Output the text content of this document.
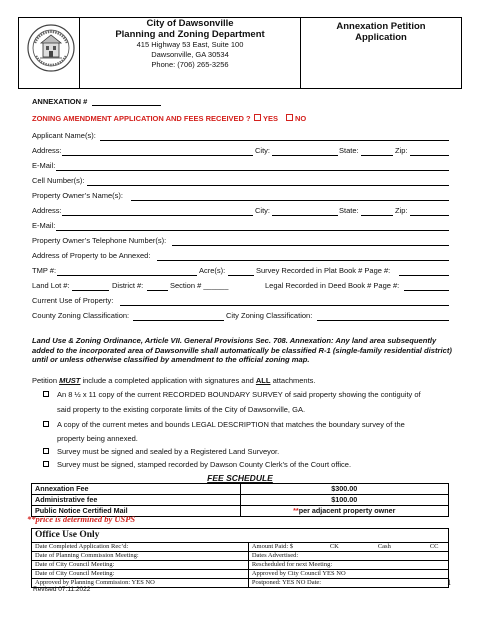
City of Dawsonville
Planning and Zoning Department
415 Highway 53 East, Suite 100
Dawsonville, GA 30534
Phone: (706) 265-3256
Annexation Petition
Application
ANNEXATION #
ZONING AMENDMENT APPLICATION AND FEES RECEIVED ?	YES	NO
Applicant Name(s):
Address:	City:	State:	Zip:
E-Mail:
Cell Number(s):
Property Owner’s Name(s):
Address:	City:	State:	Zip:
E-Mail:
Property Owner’s Telephone Number(s):
Address of Property to be Annexed:
TMP #:	Acre(s):	Survey Recorded in Plat Book # Page #:
Land Lot #:	District #:	Section # ______	Legal Recorded in Deed Book # Page #:
Current Use of Property:
County Zoning Classification:	City Zoning Classification:
Land Use & Zoning Ordinance, Article VII. General Provisions Sec. 708. Annexation: Any land area subsequently added to the incorporated area of Dawsonville shall automatically be classified R-1 (single-family residential district) until or unless otherwise classified by amendment to the official zoning map.
Petition MUST include a completed application with signatures and ALL attachments.
An 8 ½ x 11 copy of the current RECORDED BOUNDARY SURVEY of said property showing the contiguity of
said property to the existing corporate limits of the City of Dawsonville, GA.
A copy of the current metes and bounds LEGAL DESCRIPTION that matches the boundary survey of the
property being annexed.
Survey must be signed and sealed by a Registered Land Surveyor.
Survey must be signed, stamped recorded by Dawson County Clerk’s of the Court office.
FEE SCHEDULE
Annexation Fee	$300.00
Administrative fee	$100.00
Public Notice Certified Mail	**per adjacent property owner
**price is determined by USPS
Office Use Only	
Date Completed Application Rec’d:	Amount Paid: $ CK Cash CC
Date of Planning Commission Meeting:	Dates Advertised:
Date of City Council Meeting:	Rescheduled for next Meeting:
Date of City Council Meeting:	Approved by City Council YES NO
Approved by Planning Commission: YES NO	Postponed: YES NO Date:
Revised 07.11.2022
1
